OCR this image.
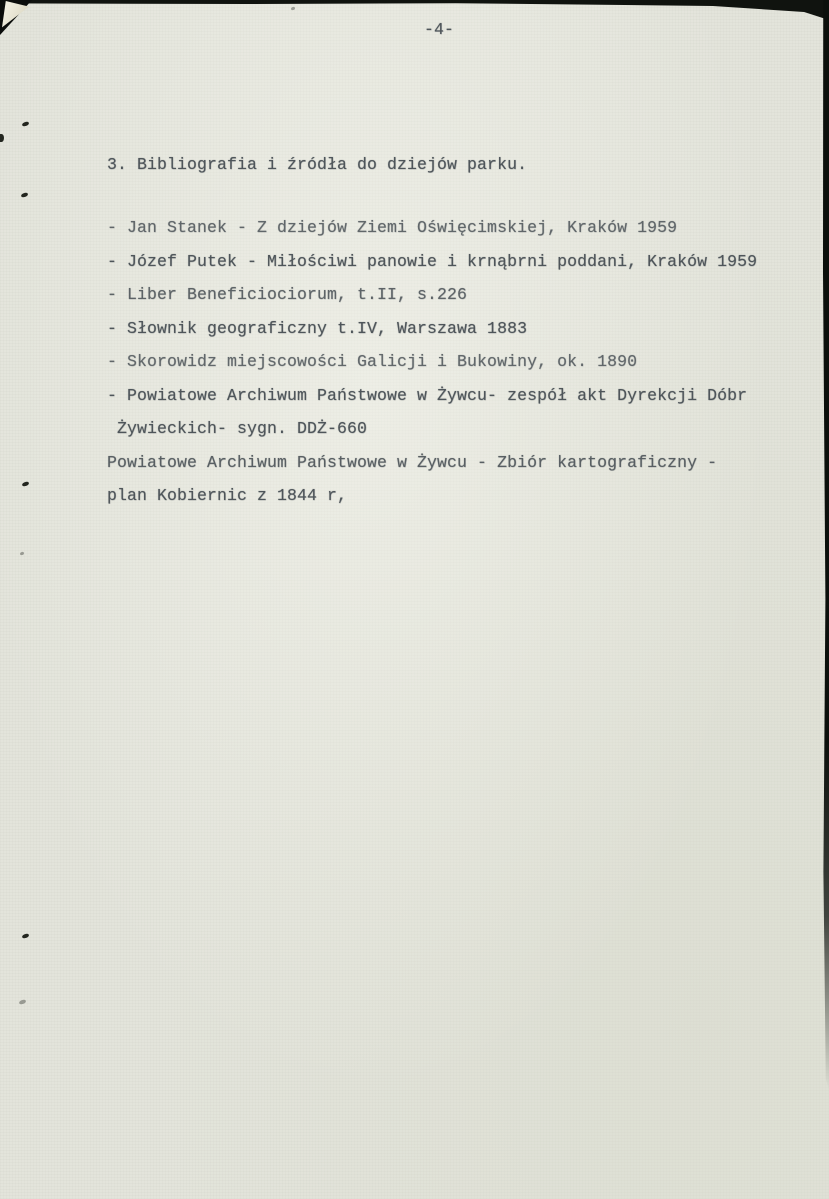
-4-
3. Bibliografia i źródła do dziejów parku.
- Jan Stanek - Z dziejów Ziemi Oświęcimskiej, Kraków 1959
- Józef Putek - Miłościwi panowie i krnąbrni poddani, Kraków 1959
- Liber Beneficiociorum, t.II, s.226
- Słownik geograficzny t.IV, Warszawa 1883
- Skorowidz miejscowości Galicji i Bukowiny, ok. 1890
- Powiatowe Archiwum Państwowe w Żywcu- zespół akt Dyrekcji Dóbr
Żywieckich- sygn. DDŻ-660
Powiatowe Archiwum Państwowe w Żywcu - Zbiór kartograficzny -
plan Kobiernic z 1844 r,
